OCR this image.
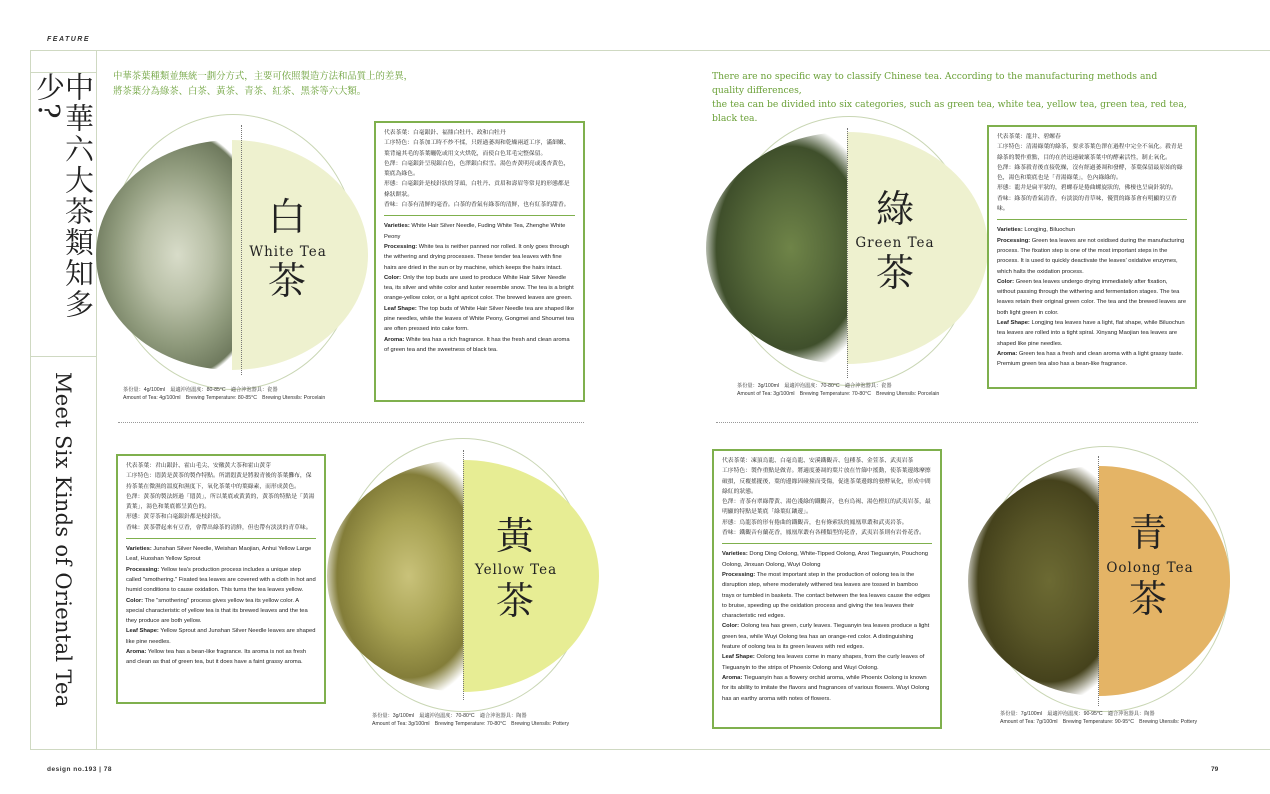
FEATURE
中華六大茶類知多少?
Meet Six Kinds of Oriental Tea
中華茶葉種類並無統一劃分方式，主要可依照製造方法和品質上的差異，
將茶葉分為綠茶、白茶、黃茶、青茶、紅茶、黑茶等六大類。
There are no specific way to classify Chinese tea. According to the manufacturing methods and quality differences,
the tea can be divided into six categories, such as green tea, white tea, yellow tea, green tea, red tea, black tea.
白
White Tea
茶
茶份量：4g/100ml　最適沖泡溫度：80-85°C　適合沖泡器具：瓷器
Amount of Tea: 4g/100ml　Brewing Temperature: 80-85°C　Brewing Utensils: Porcelain

代表茶葉：白毫銀針、福鼎白牡丹、政和白牡丹

工序特色：白茶加工時不炒不揉，只經過萎凋和乾燥兩道工序，滿細嫩、葉背遍其毛的茶葉曬乾或用文火烘乾，而使白色茸毛完整保留。

色澤：白毫銀針呈現銀白色，色澤銀白似雪。湯色杏黃明亮或淺杏黃色，葉底為綠色。

形態：白毫銀針是枝針狀的芽頭，白牡丹、貢眉和壽眉等常見的形態都是條狀餅狀。

香味：白茶有清鮮的毫香。白茶的香氣有綠茶的清鮮，也有紅茶的甜香。

Varieties: White Hair Silver Needle, Fuding White Tea, Zhenghe White Peony

Processing: White tea is neither panned nor rolled. It only goes through the withering and drying processes. These tender tea leaves with fine hairs are dried in the sun or by machine, which keeps the hairs intact.

Color: Only the top buds are used to produce White Hair Silver Needle tea, its silver and white color and luster resemble snow. The tea is a bright orange-yellow color, or a light apricot color. The brewed leaves are green.

Leaf Shape: The top buds of White Hair Silver Needle tea are shaped like pine needles, while the leaves of White Peony, Gongmei and Shoumei tea are often pressed into cake form.

Aroma: White tea has a rich fragrance. It has the fresh and clean aroma of green tea and the sweetness of black tea.

綠
Green Tea
茶
茶份量：3g/100ml　最適沖泡溫度：70-80°C　適合沖泡器具：瓷器
Amount of Tea: 3g/100ml　Brewing Temperature: 70-80°C　Brewing Utensils: Porcelain

代表茶葉：龍井、碧螺春

工序特色：清湯綠葉的綠茶，要求茶葉色澤在過程中完全不氧化。殺青是綠茶的製作重點，目的在於迅速破壞茶葉中的酵素活性，制止氧化。

色澤：綠茶殺青後直接乾燥，沒有經過萎凋和發酵，茶葉保留最原始的綠色，湯色和葉底也是「青湯綠葉」，色內綠綠的。

形態：龍井是扁平狀的，碧螺春是捲曲螺旋狀的，佛棲也呈扁針狀的。

香味：綠茶的香氣清香，有淡淡的青草味，優質的綠茶會有明顯的豆香味。

Varieties: Longjing, Biluochun

Processing: Green tea leaves are not oxidised during the manufacturing process. The fixation step is one of the most important steps in the process. It is used to quickly deactivate the leaves' oxidative enzymes, which halts the oxidation process.

Color: Green tea leaves undergo drying immediately after fixation, without passing through the withering and fermentation stages. The tea leaves retain their original green color. The tea and the brewed leaves are both light green in color.

Leaf Shape: Longjing tea leaves have a light, flat shape, while Biluochun tea leaves are rolled into a tight spiral. Xinyang Maojian tea leaves are shaped like pine needles.

Aroma: Green tea has a fresh and clean aroma with a light grassy taste. Premium green tea also has a bean-like fragrance.

代表茶葉：君山銀針、霍山毛尖、安徽黃大茶和霍山黃芽

工序特色：悶黃是黃茶的製作特點。所謂悶黃是將殺青後的茶葉攤布，保持茶葉在微濕的溫度和濕度下，氧化茶葉中的葉綠素，而形成黃色。

色澤：黃茶的製法經過「悶黃」，所以葉底或黃黃的，黃茶的特點是「黃湯黃葉」，湯色和葉底都呈黃色的。

形態：黃芽茶和白毫銀針都是枝針狀。

香味：黃茶帶起來有豆香，會帶出綠茶的清鮮，但也帶有淡淡的青草味。

Varieties: Junshan Silver Needle, Weishan Maojian, Anhui Yellow Large Leaf, Huoshan Yellow Sprout

Processing: Yellow tea's production process includes a unique step called "smothering." Fixated tea leaves are covered with a cloth in hot and humid conditions to cause oxidation. This turns the tea leaves yellow.

Color: The "smothering" process gives yellow tea its yellow color. A special characteristic of yellow tea is that its brewed leaves and the tea they produce are both yellow.

Leaf Shape: Yellow Sprout and Junshan Silver Needle leaves are shaped like pine needles.

Aroma: Yellow tea has a bean-like fragrance. Its aroma is not as fresh and clean as that of green tea, but it does have a faint grassy aroma.

黃
Yellow Tea
茶
茶份量：3g/100ml　最適沖泡溫度：70-80°C　適合沖泡器具：陶器
Amount of Tea: 3g/100ml　Brewing Temperature: 70-80°C　Brewing Utensils: Pottery

代表茶葉：凍頂烏龍、白毫烏龍、安溪鐵觀音、包種茶、金萱茶、武夷岩茶

工序特色：製作重點是做青。將適度萎凋的葉片放在竹篩中搖動，使茶葉邊緣摩擦破損，反覆搖擺後，葉的邊緣因碰撞而受傷，促進茶葉邊緣的發酵氧化，形成中間綠紅的狀態。

色澤：青茶有翠綠帶黃、湯色淺綠的鐵觀音，也有烏褐、湯色橙紅的武夷岩茶，最明顯的特點是葉底「綠葉紅鑲邊」。

形態：烏龍茶的形有捲曲的鐵觀音，也有條索狀的鳳凰單叢和武夷岩茶。

香味：鐵觀音有蘭花香，鳳凰單叢有各種類型的花香，武夷岩茶則有岩骨花香。

Varieties: Dong Ding Oolong, White-Tipped Oolong, Anxi Tieguanyin, Pouchong Oolong, Jinxuan Oolong, Wuyi Oolong

Processing: The most important step in the production of oolong tea is the disruption step, where moderately withered tea leaves are tossed in bamboo trays or tumbled in baskets. The contact between the tea leaves cause the edges to bruise, speeding up the oxidation process and giving the tea leaves their characteristic red edges.

Color: Oolong tea has green, curly leaves. Tieguanyin tea leaves produce a light green tea, while Wuyi Oolong tea has an orange-red color. A distinguishing feature of oolong tea is its green leaves with red edges.

Leaf Shape: Oolong tea leaves come in many shapes, from the curly leaves of Tieguanyin to the strips of Phoenix Oolong and Wuyi Oolong.

Aroma: Tieguanyin has a flowery orchid aroma, while Phoenix Oolong is known for its ability to imitate the flavors and fragrances of various flowers. Wuyi Oolong has an earthy aroma with notes of flowers.

青
Oolong Tea
茶
茶份量：7g/100ml　最適沖泡溫度：90-95°C　適合沖泡器具：陶器
Amount of Tea: 7g/100ml　Brewing Temperature: 90-95°C　Brewing Utensils: Pottery
design no.193 | 78	79
